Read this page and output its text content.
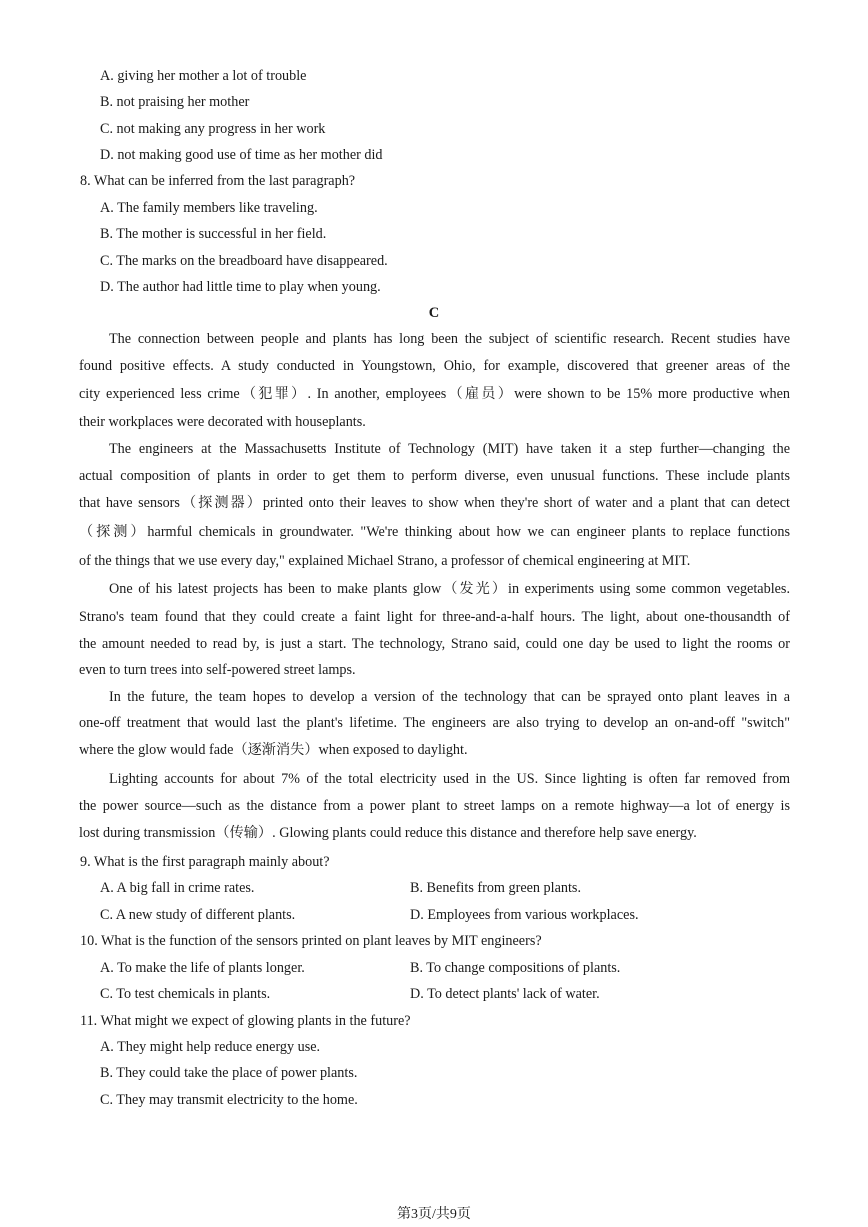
A. giving her mother a lot of trouble
B. not praising her mother
C. not making any progress in her work
D. not making good use of time as her mother did
8. What can be inferred from the last paragraph?
A. The family members like traveling.
B. The mother is successful in her field.
C. The marks on the breadboard have disappeared.
D. The author had little time to play when young.
C
The connection between people and plants has long been the subject of scientific research. Recent studies have
found positive effects. A study conducted in Youngstown, Ohio, for example, discovered that greener areas of the
city experienced less crime（犯罪）. In another, employees（雇员）were shown to be 15% more productive when
their workplaces were decorated with houseplants.
The engineers at the Massachusetts Institute of Technology (MIT) have taken it a step further—changing the
actual composition of plants in order to get them to perform diverse, even unusual functions. These include plants
that have sensors（探测器）printed onto their leaves to show when they're short of water and a plant that can detect
（探测）harmful chemicals in groundwater. "We're thinking about how we can engineer plants to replace functions
of the things that we use every day," explained Michael Strano, a professor of chemical engineering at MIT.
One of his latest projects has been to make plants glow（发光）in experiments using some common vegetables.
Strano's team found that they could create a faint light for three-and-a-half hours. The light, about one-thousandth of
the amount needed to read by, is just a start. The technology, Strano said, could one day be used to light the rooms or
even to turn trees into self-powered street lamps.
In the future, the team hopes to develop a version of the technology that can be sprayed onto plant leaves in a
one-off treatment that would last the plant's lifetime. The engineers are also trying to develop an on-and-off "switch"
where the glow would fade（逐渐消失）when exposed to daylight.
Lighting accounts for about 7% of the total electricity used in the US. Since lighting is often far removed from
the power source—such as the distance from a power plant to street lamps on a remote highway—a lot of energy is
lost during transmission（传输）. Glowing plants could reduce this distance and therefore help save energy.
9. What is the first paragraph mainly about?
A. A big fall in crime rates.	B. Benefits from green plants.
C. A new study of different plants.	D. Employees from various workplaces.
10. What is the function of the sensors printed on plant leaves by MIT engineers?
A. To make the life of plants longer.	B. To change compositions of plants.
C. To test chemicals in plants.	D. To detect plants' lack of water.
11. What might we expect of glowing plants in the future?
A. They might help reduce energy use.
B. They could take the place of power plants.
C. They may transmit electricity to the home.
第3页/共9页
